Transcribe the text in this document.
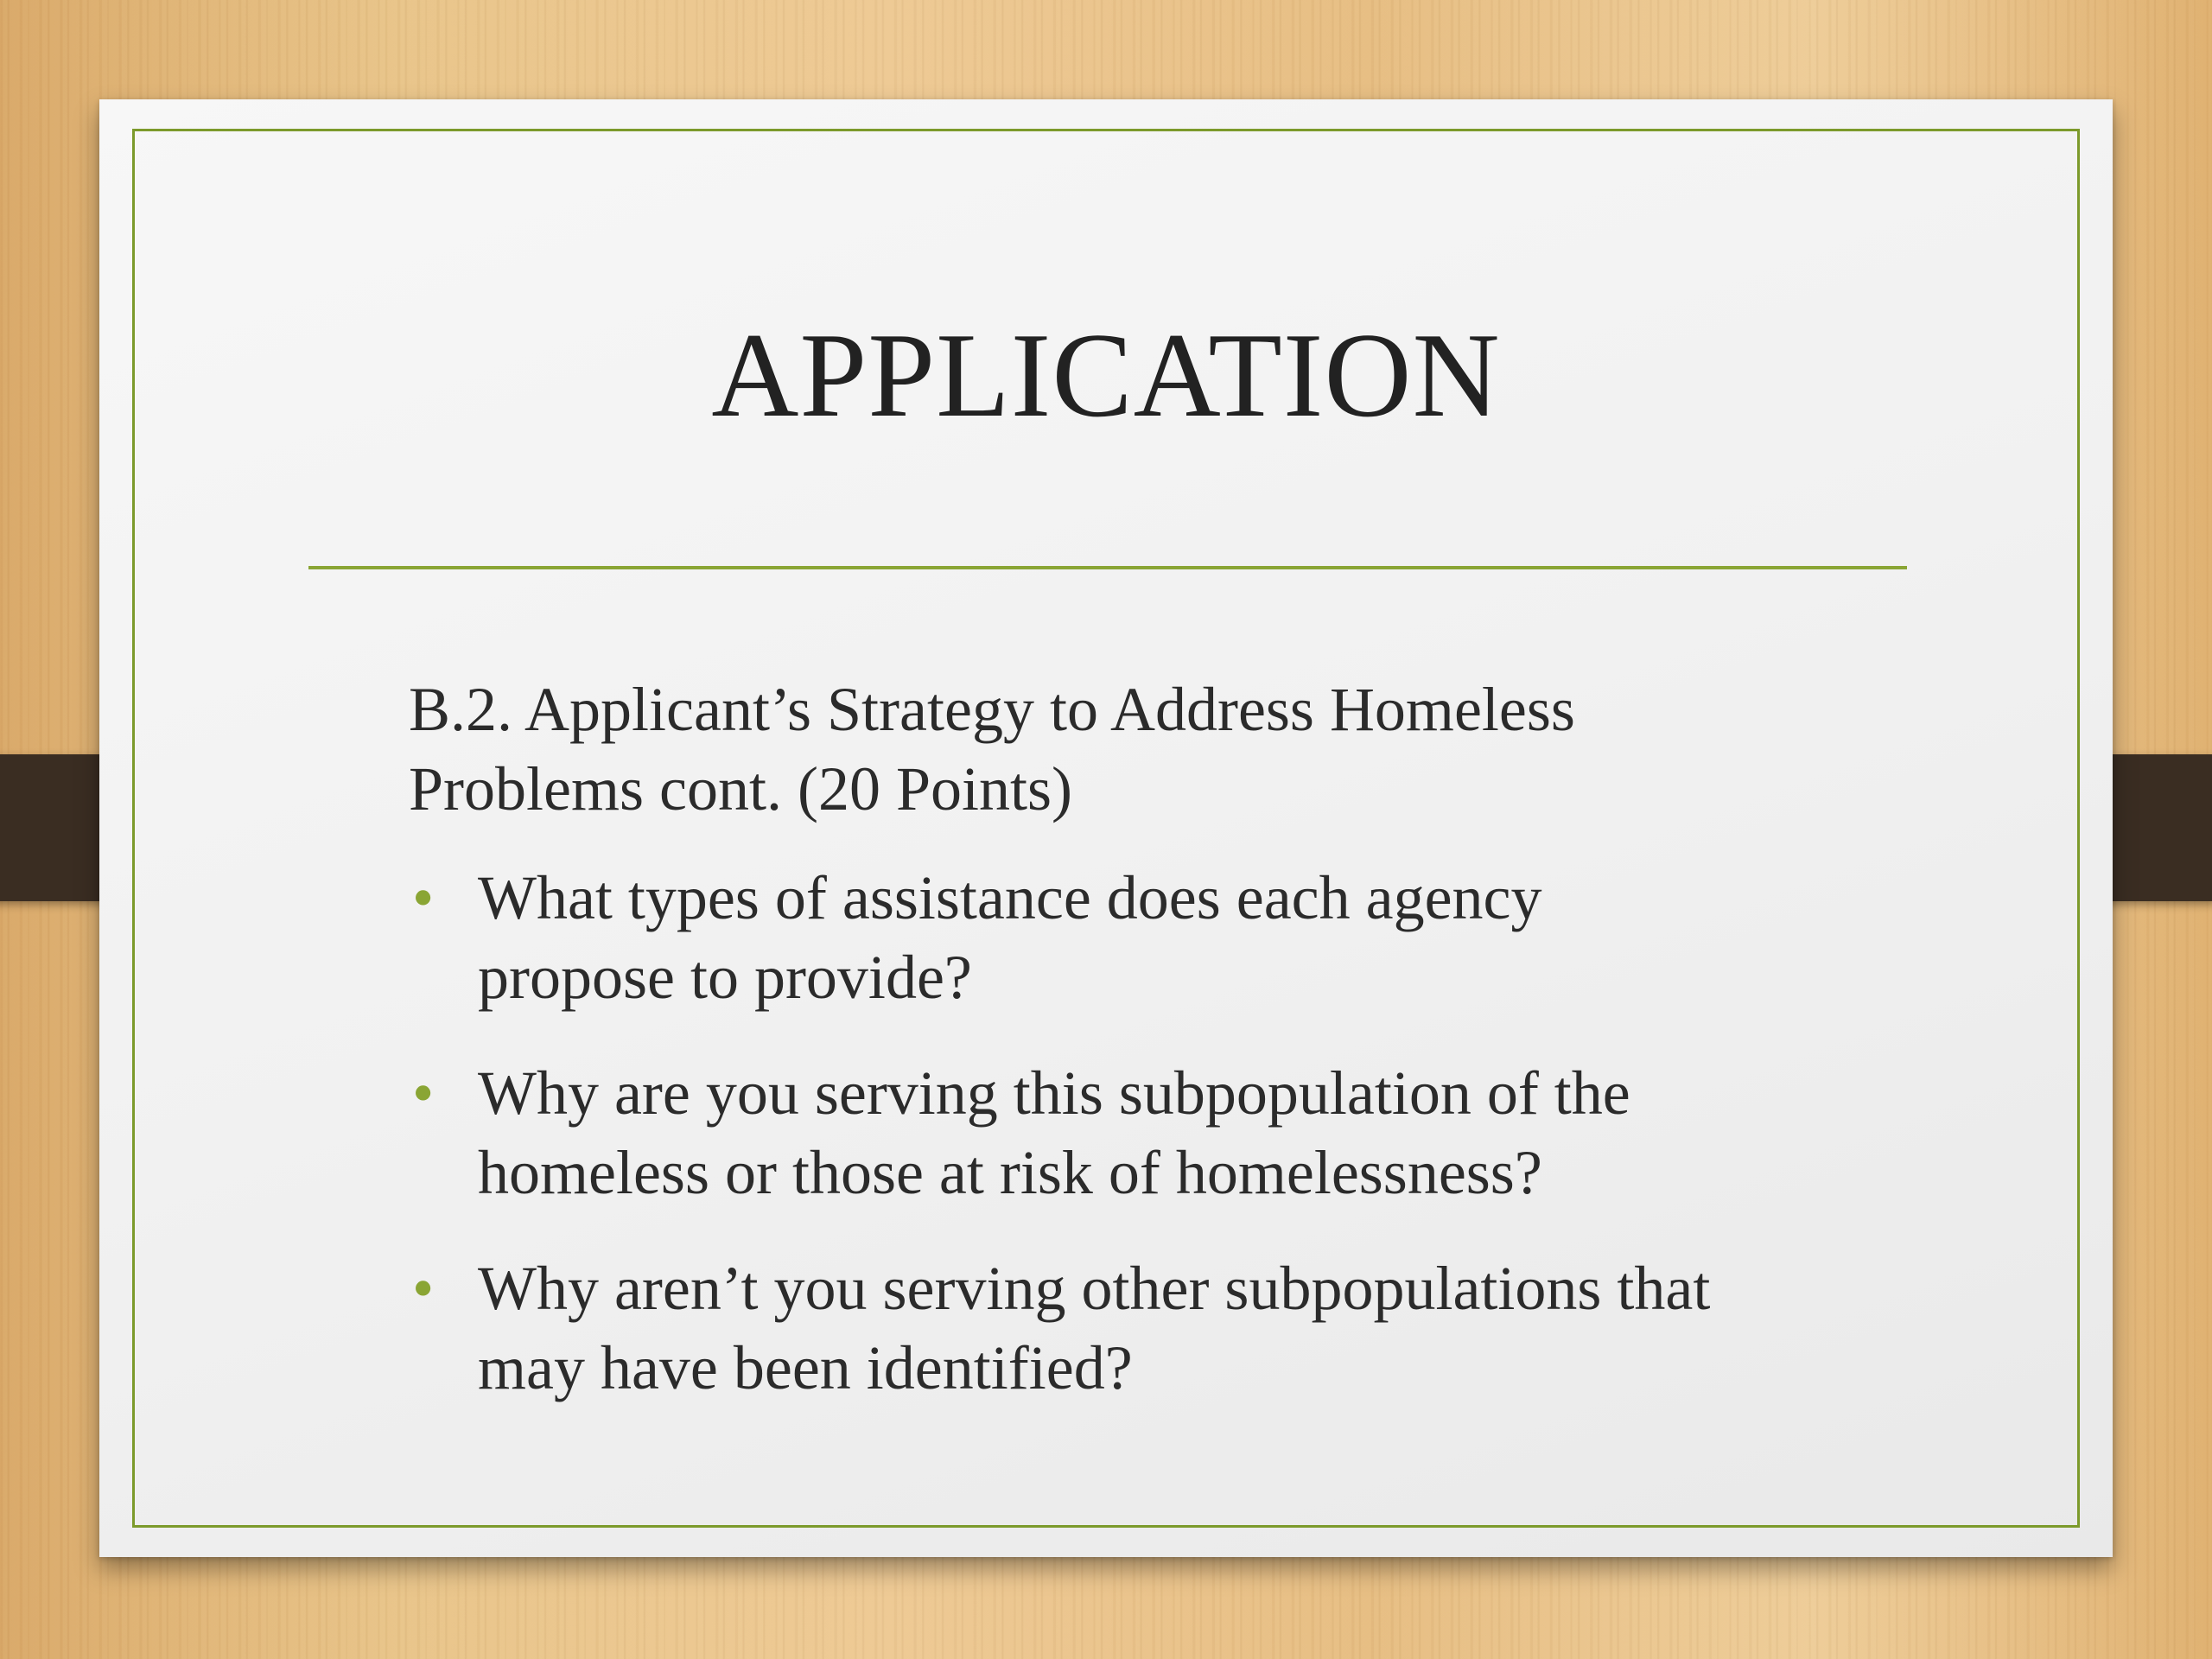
APPLICATION

B.2. Applicant’s Strategy to Address Homeless
Problems cont. (20 Points)

• What types of assistance does each agency
propose to provide?
• Why are you serving this subpopulation of the
homeless or those at risk of homelessness?
• Why aren’t you serving other subpopulations that
may have been identified?
